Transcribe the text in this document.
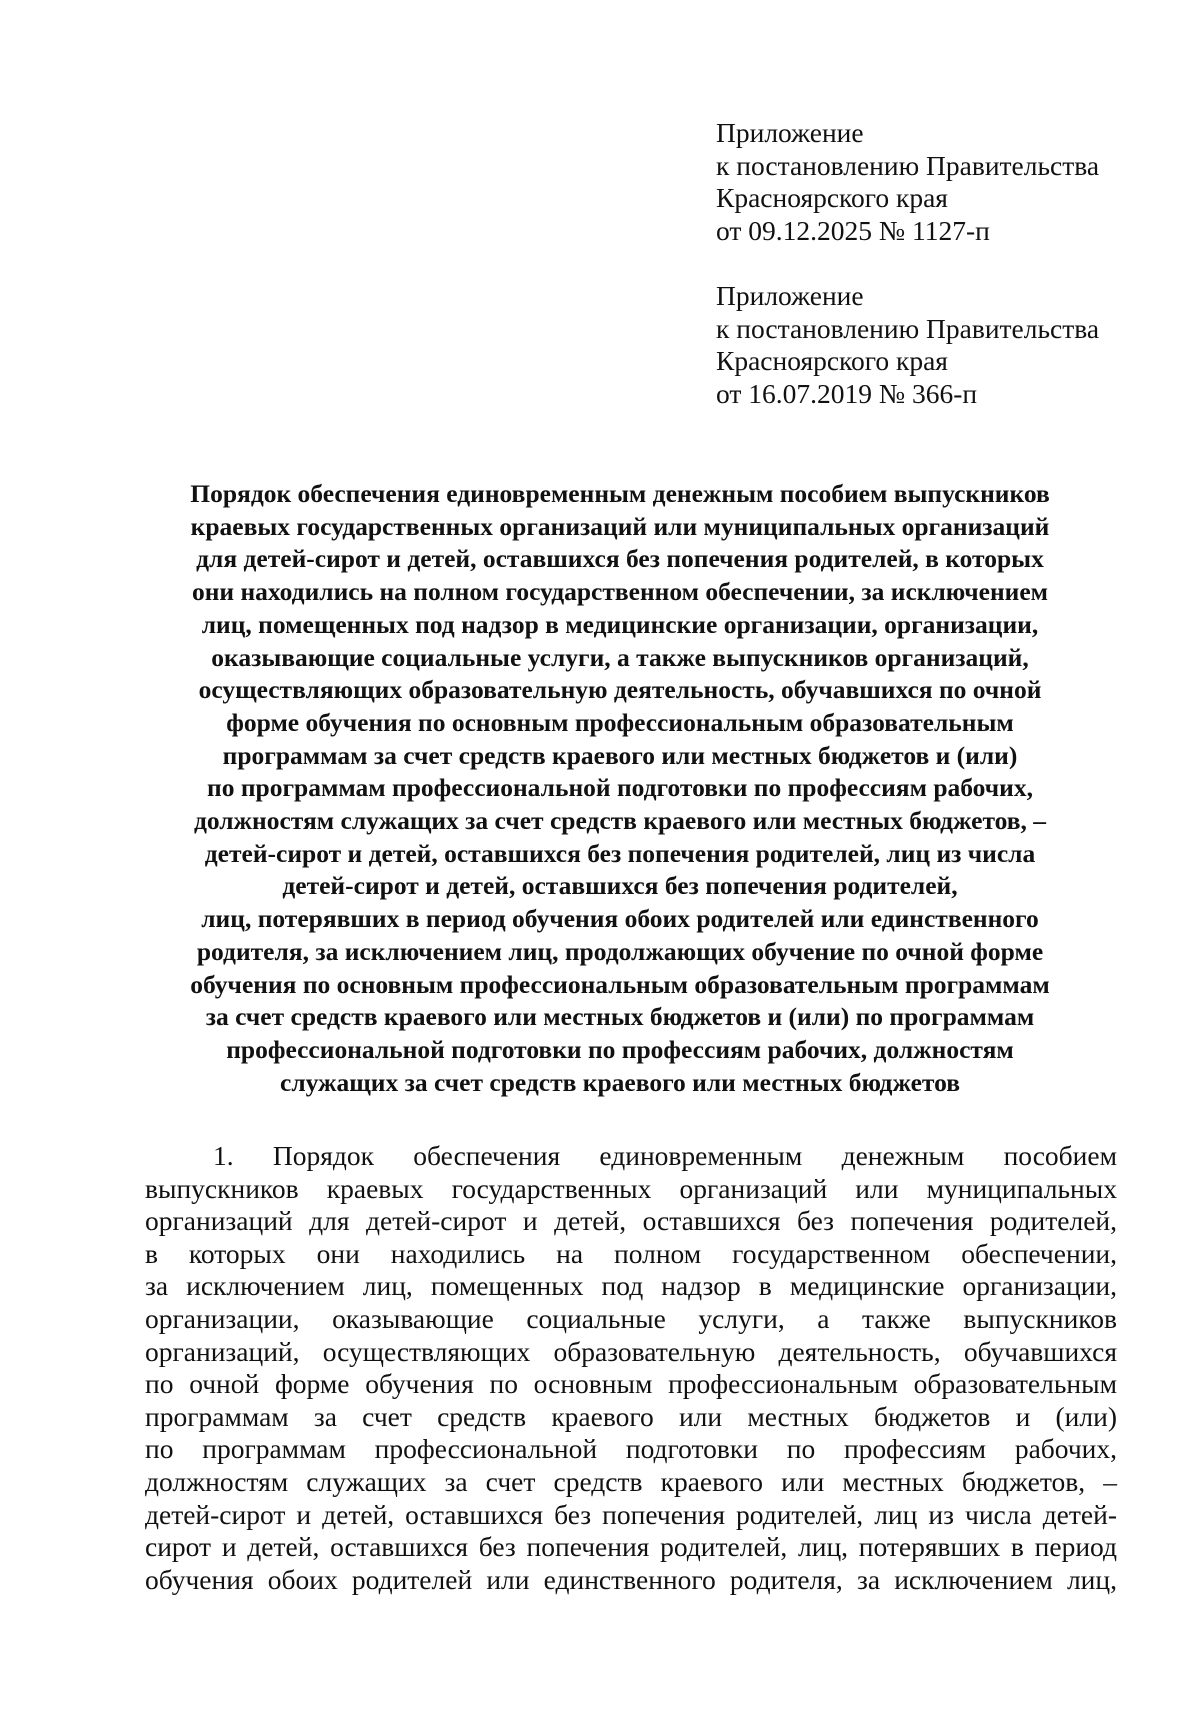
Приложение
к постановлению Правительства
Красноярского края
от 09.12.2025 № 1127-п
Приложение
к постановлению Правительства
Красноярского края
от 16.07.2019 № 366-п
Порядок обеспечения единовременным денежным пособием выпускников
краевых государственных организаций или муниципальных организаций
для детей-сирот и детей, оставшихся без попечения родителей, в которых
они находились на полном государственном обеспечении, за исключением
лиц, помещенных под надзор в медицинские организации, организации,
оказывающие социальные услуги, а также выпускников организаций,
осуществляющих образовательную деятельность, обучавшихся по очной
форме обучения по основным профессиональным образовательным
программам за счет средств краевого или местных бюджетов и (или)
по программам профессиональной подготовки по профессиям рабочих,
должностям служащих за счет средств краевого или местных бюджетов, –
детей-сирот и детей, оставшихся без попечения родителей, лиц из числа
детей-сирот и детей, оставшихся без попечения родителей,
лиц, потерявших в период обучения обоих родителей или единственного
родителя, за исключением лиц, продолжающих обучение по очной форме
обучения по основным профессиональным образовательным программам
за счет средств краевого или местных бюджетов и (или) по программам
профессиональной подготовки по профессиям рабочих, должностям
служащих за счет средств краевого или местных бюджетов
1. Порядок обеспечения единовременным денежным пособием
выпускников краевых государственных организаций или муниципальных
организаций для детей-сирот и детей, оставшихся без попечения родителей,
в которых они находились на полном государственном обеспечении,
за исключением лиц, помещенных под надзор в медицинские организации,
организации, оказывающие социальные услуги, а также выпускников
организаций, осуществляющих образовательную деятельность, обучавшихся
по очной форме обучения по основным профессиональным образовательным
программам за счет средств краевого или местных бюджетов и (или)
по программам профессиональной подготовки по профессиям рабочих,
должностям служащих за счет средств краевого или местных бюджетов, –
детей-сирот и детей, оставшихся без попечения родителей, лиц из числа детей-
сирот и детей, оставшихся без попечения родителей, лиц, потерявших в период
обучения обоих родителей или единственного родителя, за исключением лиц,
